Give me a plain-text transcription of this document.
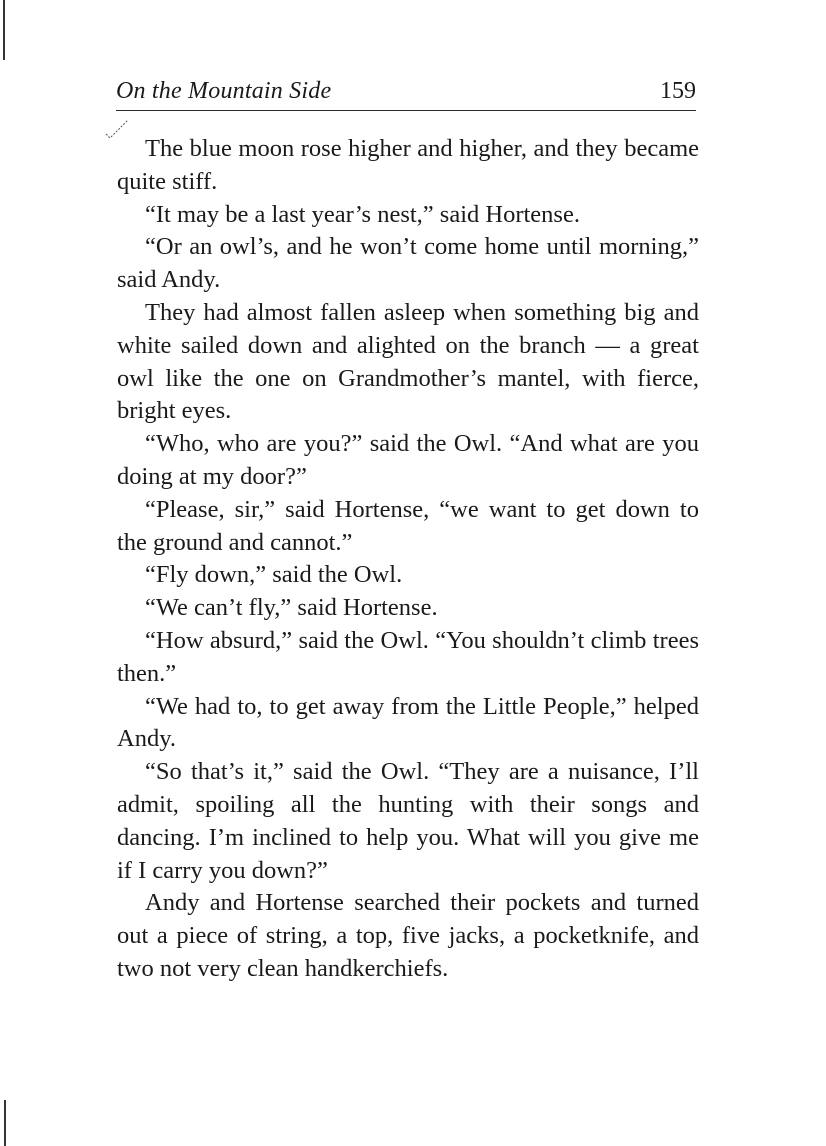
On the Mountain Side	159

The blue moon rose higher and higher, and they became quite stiff.

“It may be a last year’s nest,” said Hortense.

“Or an owl’s, and he won’t come home until morning,” said Andy.

They had almost fallen asleep when something big and white sailed down and alighted on the branch — a great owl like the one on Grandmother’s mantel, with fierce, bright eyes.

“Who, who are you?” said the Owl. “And what are you doing at my door?”

“Please, sir,” said Hortense, “we want to get down to the ground and cannot.”

“Fly down,” said the Owl.

“We can’t fly,” said Hortense.

“How absurd,” said the Owl. “You shouldn’t climb trees then.”

“We had to, to get away from the Little People,” helped Andy.

“So that’s it,” said the Owl. “They are a nuisance, I’ll admit, spoiling all the hunting with their songs and dancing. I’m inclined to help you. What will you give me if I carry you down?”

Andy and Hortense searched their pockets and turned out a piece of string, a top, five jacks, a pocketknife, and two not very clean handkerchiefs.
